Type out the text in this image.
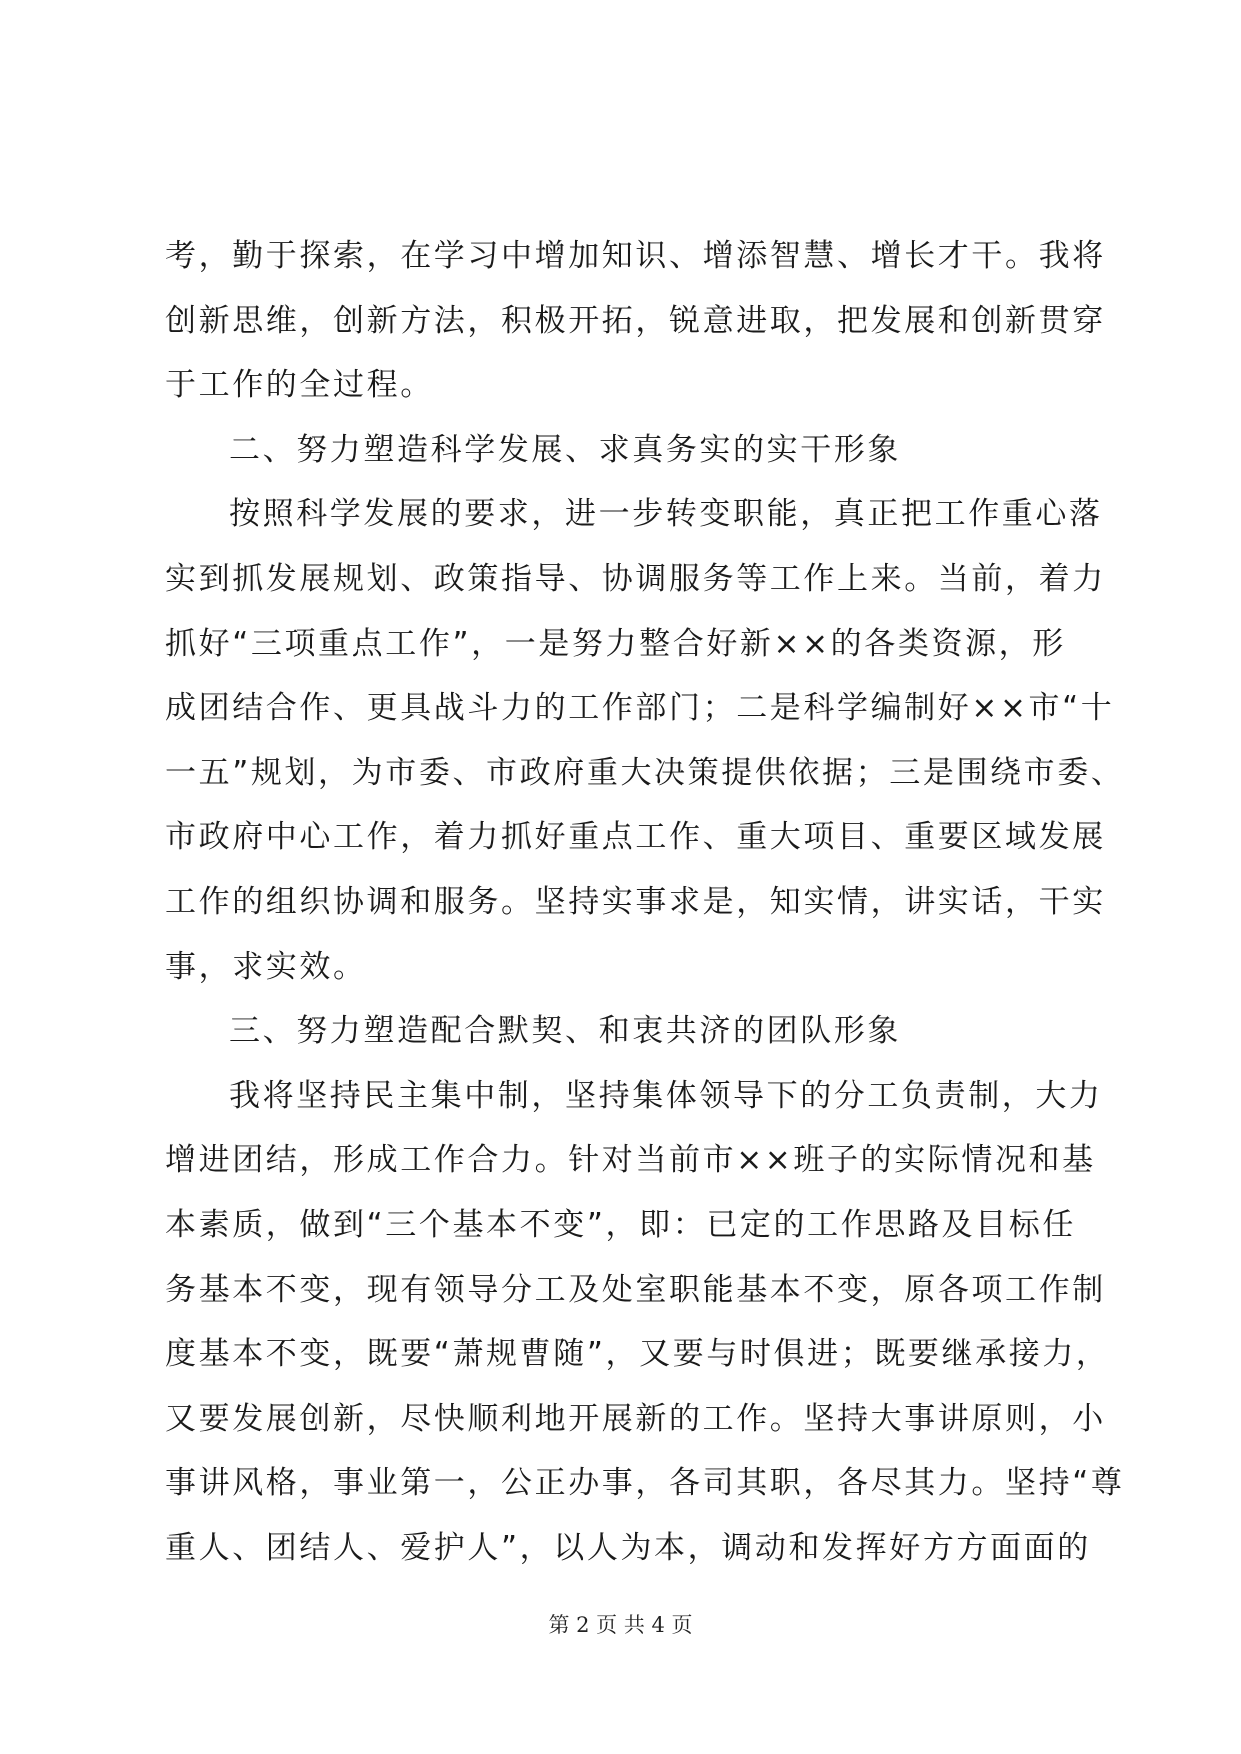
考，勤于探索，在学习中增加知识、增添智慧、增长才干。我将
创新思维，创新方法，积极开拓，锐意进取，把发展和创新贯穿
于工作的全过程。
二、努力塑造科学发展、求真务实的实干形象
按照科学发展的要求，进一步转变职能，真正把工作重心落
实到抓发展规划、政策指导、协调服务等工作上来。当前，着力
抓好“三项重点工作”，一是努力整合好新××的各类资源，形
成团结合作、更具战斗力的工作部门；二是科学编制好××市“十
一五”规划，为市委、市政府重大决策提供依据；三是围绕市委、
市政府中心工作，着力抓好重点工作、重大项目、重要区域发展
工作的组织协调和服务。坚持实事求是，知实情，讲实话，干实
事，求实效。
三、努力塑造配合默契、和衷共济的团队形象
我将坚持民主集中制，坚持集体领导下的分工负责制，大力
增进团结，形成工作合力。针对当前市××班子的实际情况和基
本素质，做到“三个基本不变”，即：已定的工作思路及目标任
务基本不变，现有领导分工及处室职能基本不变，原各项工作制
度基本不变，既要“萧规曹随”，又要与时俱进；既要继承接力，
又要发展创新，尽快顺利地开展新的工作。坚持大事讲原则，小
事讲风格，事业第一，公正办事，各司其职，各尽其力。坚持“尊
重人、团结人、爱护人”，以人为本，调动和发挥好方方面面的
第 2 页 共 4 页
